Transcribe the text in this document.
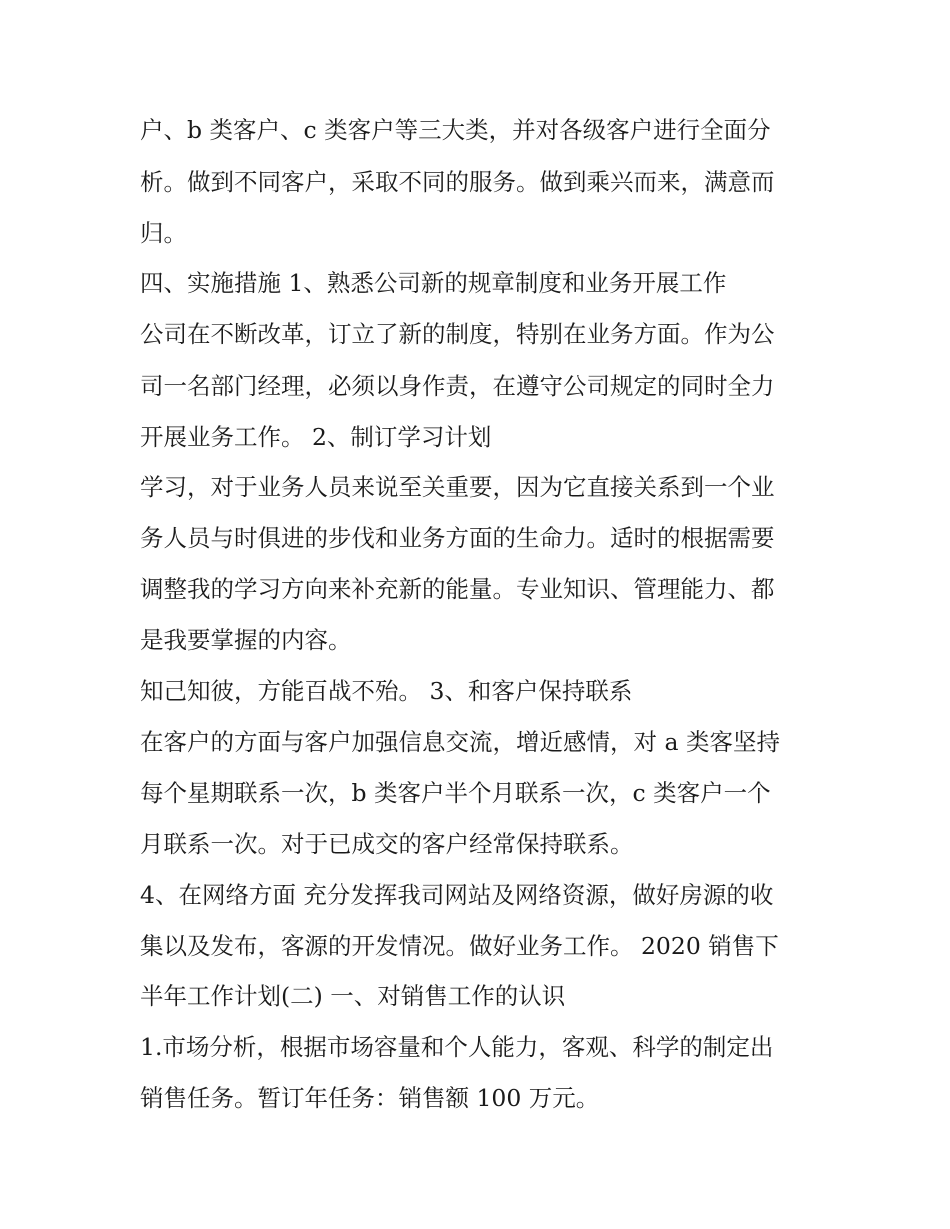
户、b 类客户、c 类客户等三大类，并对各级客户进行全面分

析。做到不同客户，采取不同的服务。做到乘兴而来，满意而

归。

四、实施措施 1、熟悉公司新的规章制度和业务开展工作

公司在不断改革，订立了新的制度，特别在业务方面。作为公

司一名部门经理，必须以身作责，在遵守公司规定的同时全力

开展业务工作。 2、制订学习计划

学习，对于业务人员来说至关重要，因为它直接关系到一个业

务人员与时俱进的步伐和业务方面的生命力。适时的根据需要

调整我的学习方向来补充新的能量。专业知识、管理能力、都

是我要掌握的内容。

知己知彼，方能百战不殆。 3、和客户保持联系

在客户的方面与客户加强信息交流，增近感情，对 a 类客坚持

每个星期联系一次，b 类客户半个月联系一次，c 类客户一个

月联系一次。对于已成交的客户经常保持联系。

4、在网络方面 充分发挥我司网站及网络资源，做好房源的收

集以及发布，客源的开发情况。做好业务工作。 2020 销售下

半年工作计划(二) 一、对销售工作的认识

1.市场分析，根据市场容量和个人能力，客观、科学的制定出

销售任务。暂订年任务：销售额 100 万元。
